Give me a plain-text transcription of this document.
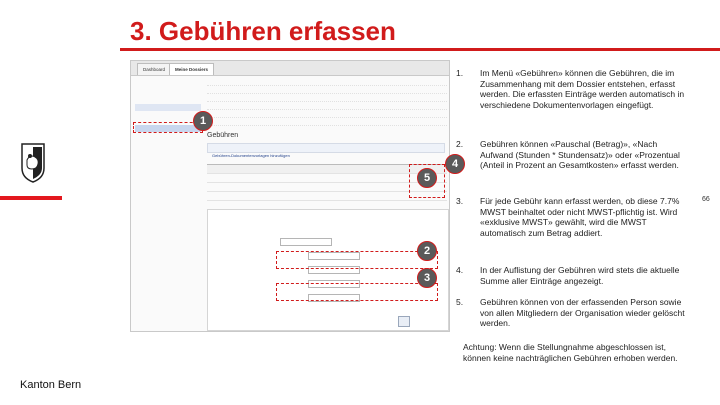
3. Gebühren erfassen
Kanton Bern
66
Dashboard	Meine Dossiers
Gebühren
Gebühren-Dokumentenvorlagen hinzufügen
1
2
3
4
5
1.	Im Menü «Gebühren» können die Gebühren, die im Zusammenhang mit dem Dossier entstehen, erfasst werden. Die erfassten Einträge werden automatisch in verschiedene Dokumentenvorlagen eingefügt.
2.	Gebühren können «Pauschal (Betrag)», «Nach Aufwand (Stunden * Stundensatz)» oder «Prozentual (Anteil in Prozent an Gesamtkosten» erfasst werden.
3.	Für jede Gebühr kann erfasst werden, ob diese 7.7% MWST beinhaltet oder nicht MWST-pflichtig ist. Wird «exklusive MWST» gewählt, wird die MWST automatisch zum Betrag addiert.
4.	In der Auflistung der Gebühren wird stets die aktuelle Summe aller Einträge angezeigt.
5.	Gebühren können von der erfassenden Person sowie von allen Mitgliedern der Organisation wieder gelöscht werden.
Achtung: Wenn die Stellungnahme abgeschlossen ist, können keine nachträglichen Gebühren erhoben werden.
